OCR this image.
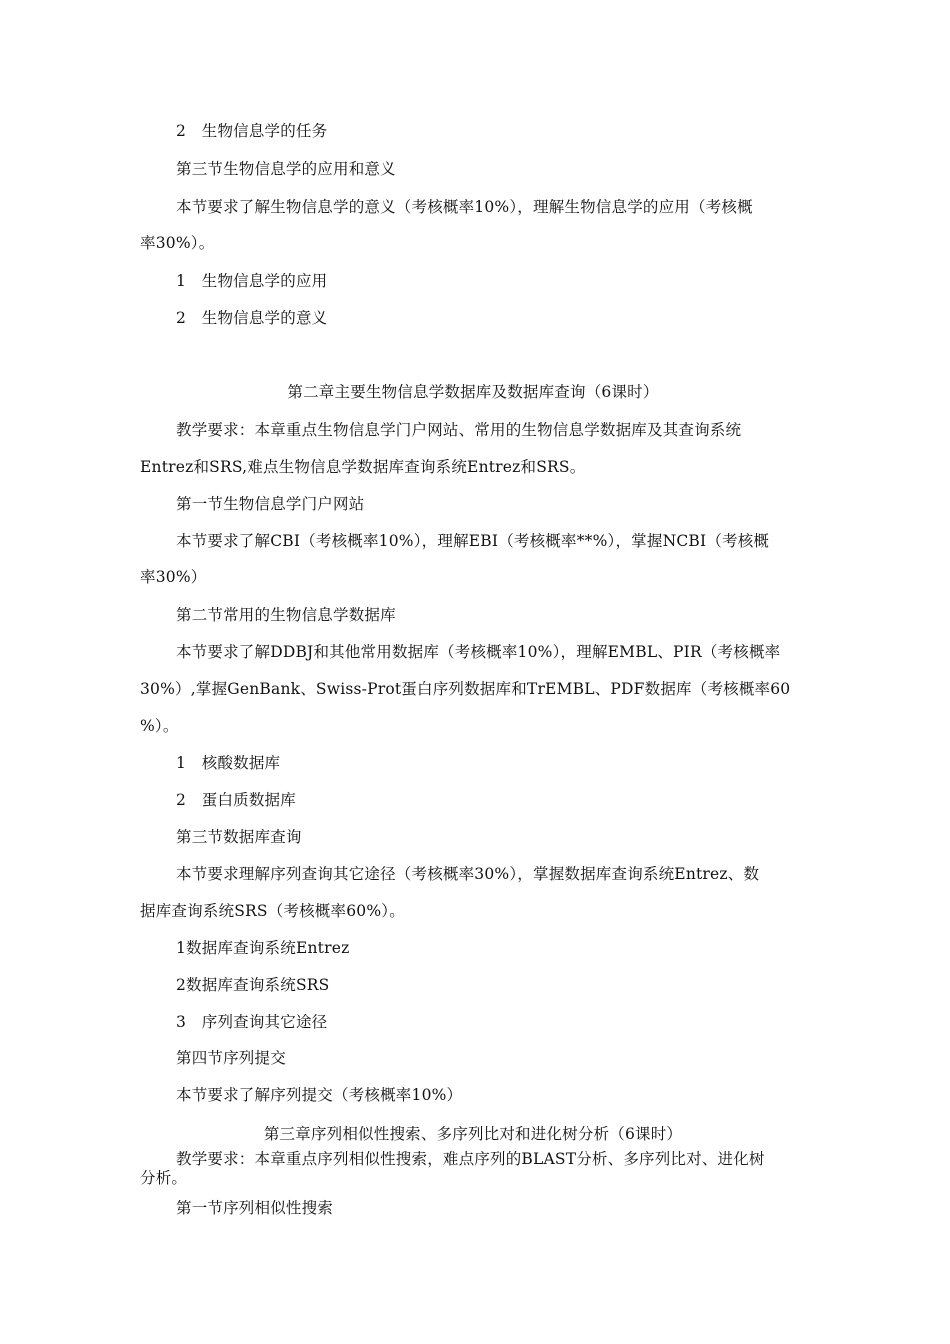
2　生物信息学的任务

第三节生物信息学的应用和意义

本节要求了解生物信息学的意义（考核概率10%），理解生物信息学的应用（考核概

率30%）。

1　生物信息学的应用

2　生物信息学的意义

第二章主要生物信息学数据库及数据库查询（6课时）

教学要求：本章重点生物信息学门户网站、常用的生物信息学数据库及其查询系统

Entrez和SRS,难点生物信息学数据库查询系统Entrez和SRS。

第一节生物信息学门户网站

本节要求了解CBI（考核概率10%），理解EBI（考核概率**%），掌握NCBI（考核概

率30%）

第二节常用的生物信息学数据库

本节要求了解DDBJ和其他常用数据库（考核概率10%），理解EMBL、PIR（考核概率

30%）,掌握GenBank、Swiss-Prot蛋白序列数据库和TrEMBL、PDF数据库（考核概率60

%）。

1　核酸数据库

2　蛋白质数据库

第三节数据库查询

本节要求理解序列查询其它途径（考核概率30%），掌握数据库查询系统Entrez、数

据库查询系统SRS（考核概率60%）。

1数据库查询系统Entrez

2数据库查询系统SRS

3　序列查询其它途径

第四节序列提交

本节要求了解序列提交（考核概率10%）

第三章序列相似性搜索、多序列比对和进化树分析（6课时）

教学要求：本章重点序列相似性搜索，难点序列的BLAST分析、多序列比对、进化树

分析。

第一节序列相似性搜索
